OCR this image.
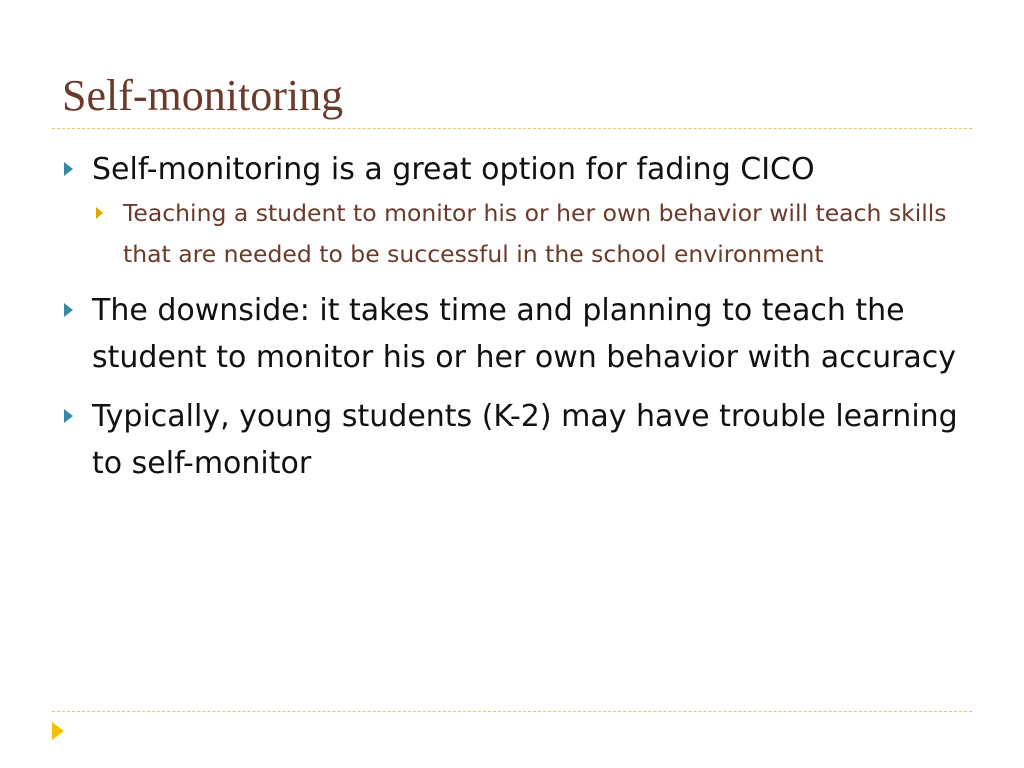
Self-monitoring
Self-monitoring is a great option for fading CICO
Teaching a student to monitor his or her own behavior will teach skills that are needed to be successful in the school environment
The downside: it takes time and planning to teach the student to monitor his or her own behavior with accuracy
Typically, young students (K-2) may have trouble learning to self-monitor
